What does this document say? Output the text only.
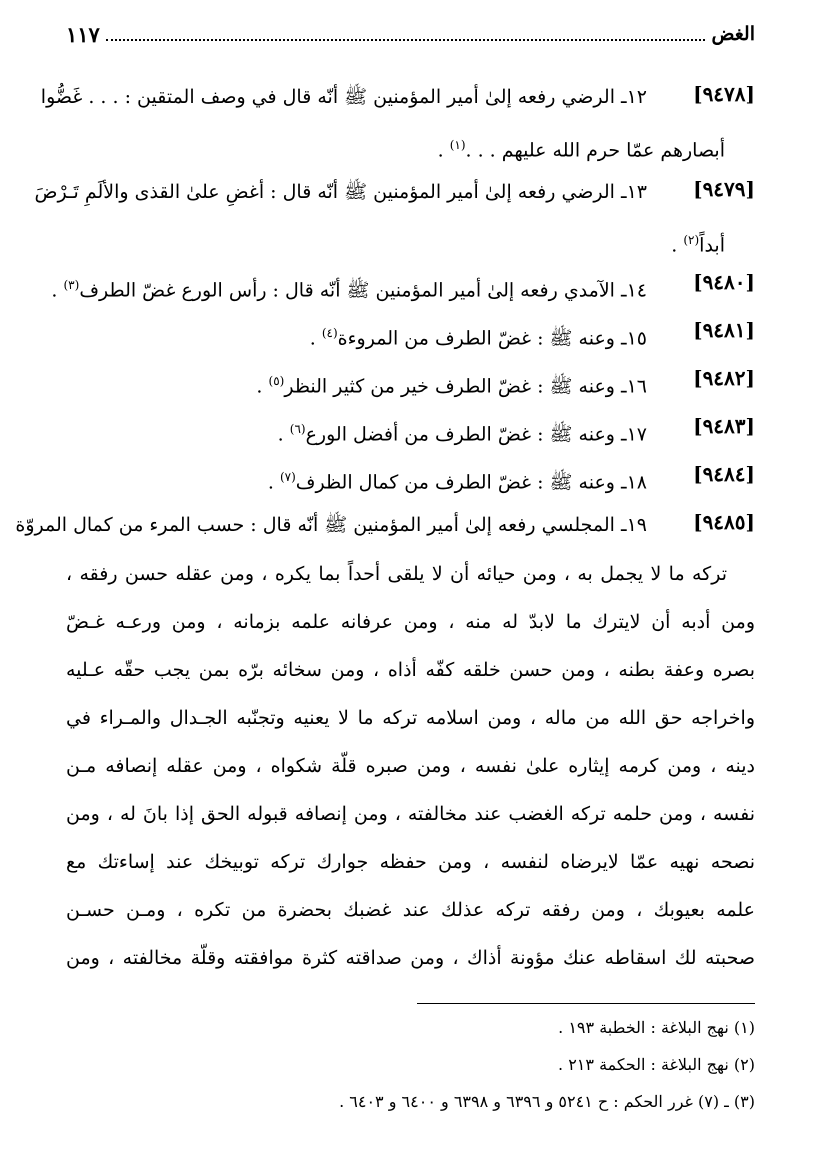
الغض
١١٧
[٩٤٧٨]
١٢ـ الرضي رفعه إلىٰ أمير المؤمنين ﷺ أنّه قال في وصف المتقين : . . . غَضُّوا
أبصارهم عمّا حرم الله عليهم . . .$^{(١)}$ .
[٩٤٧٩]
١٣ـ الرضي رفعه إلىٰ أمير المؤمنين ﷺ أنّه قال : أغضِ علىٰ القذى والألَمِ تَـرْضَ
أبداً$^{(٢)}$ .
[٩٤٨٠]
١٤ـ الآمدي رفعه إلىٰ أمير المؤمنين ﷺ أنّه قال : رأس الورع غضّ الطرف$^{(٣)}$ .
[٩٤٨١]
١٥ـ وعنه ﷺ : غضّ الطرف من المروءة$^{(٤)}$ .
[٩٤٨٢]
١٦ـ وعنه ﷺ : غضّ الطرف خير من كثير النظر$^{(٥)}$ .
[٩٤٨٣]
١٧ـ وعنه ﷺ : غضّ الطرف من أفضل الورع$^{(٦)}$ .
[٩٤٨٤]
١٨ـ وعنه ﷺ : غضّ الطرف من كمال الظرف$^{(٧)}$ .
[٩٤٨٥]
١٩ـ المجلسي رفعه إلىٰ أمير المؤمنين ﷺ أنّه قال : حسب المرء من كمال المروّة
تركه ما لا يجمل به ، ومن حيائه أن لا يلقى أحداً بما يكره ، ومن عقله حسن رفقه ،
ومن أدبه أن لايترك ما لابدّ له منه ، ومن عرفانه علمه بزمانه ، ومن ورعـه غـضّ
بصره وعفة بطنه ، ومن حسن خلقه كفّه أذاه ، ومن سخائه برّه بمن يجب حقّه عـليه
واخراجه حق الله من ماله ، ومن اسلامه تركه ما لا يعنيه وتجنّبه الجـدال والمـراء في
دينه ، ومن كرمه إيثاره علىٰ نفسه ، ومن صبره قلّة شكواه ، ومن عقله إنصافه مـن
نفسه ، ومن حلمه تركه الغضب عند مخالفته ، ومن إنصافه قبوله الحق إذا بانَ له ، ومن
نصحه نهيه عمّا لايرضاه لنفسه ، ومن حفظه جوارك تركه توبيخك عند إساءتك مع
علمه بعيوبك ، ومن رفقه تركه عذلك عند غضبك بحضرة من تكره ، ومـن حسـن
صحبته لك اسقاطه عنك مؤونة أذاك ، ومن صداقته كثرة موافقته وقلّة مخالفته ، ومن
(١) نهج البلاغة : الخطبة ١٩٣ .
(٢) نهج البلاغة : الحكمة ٢١٣ .
(٣) ـ (٧) غرر الحكم : ح ٥٢٤١ و ٦٣٩٦ و ٦٣٩٨ و ٦٤٠٠ و ٦٤٠٣ .
